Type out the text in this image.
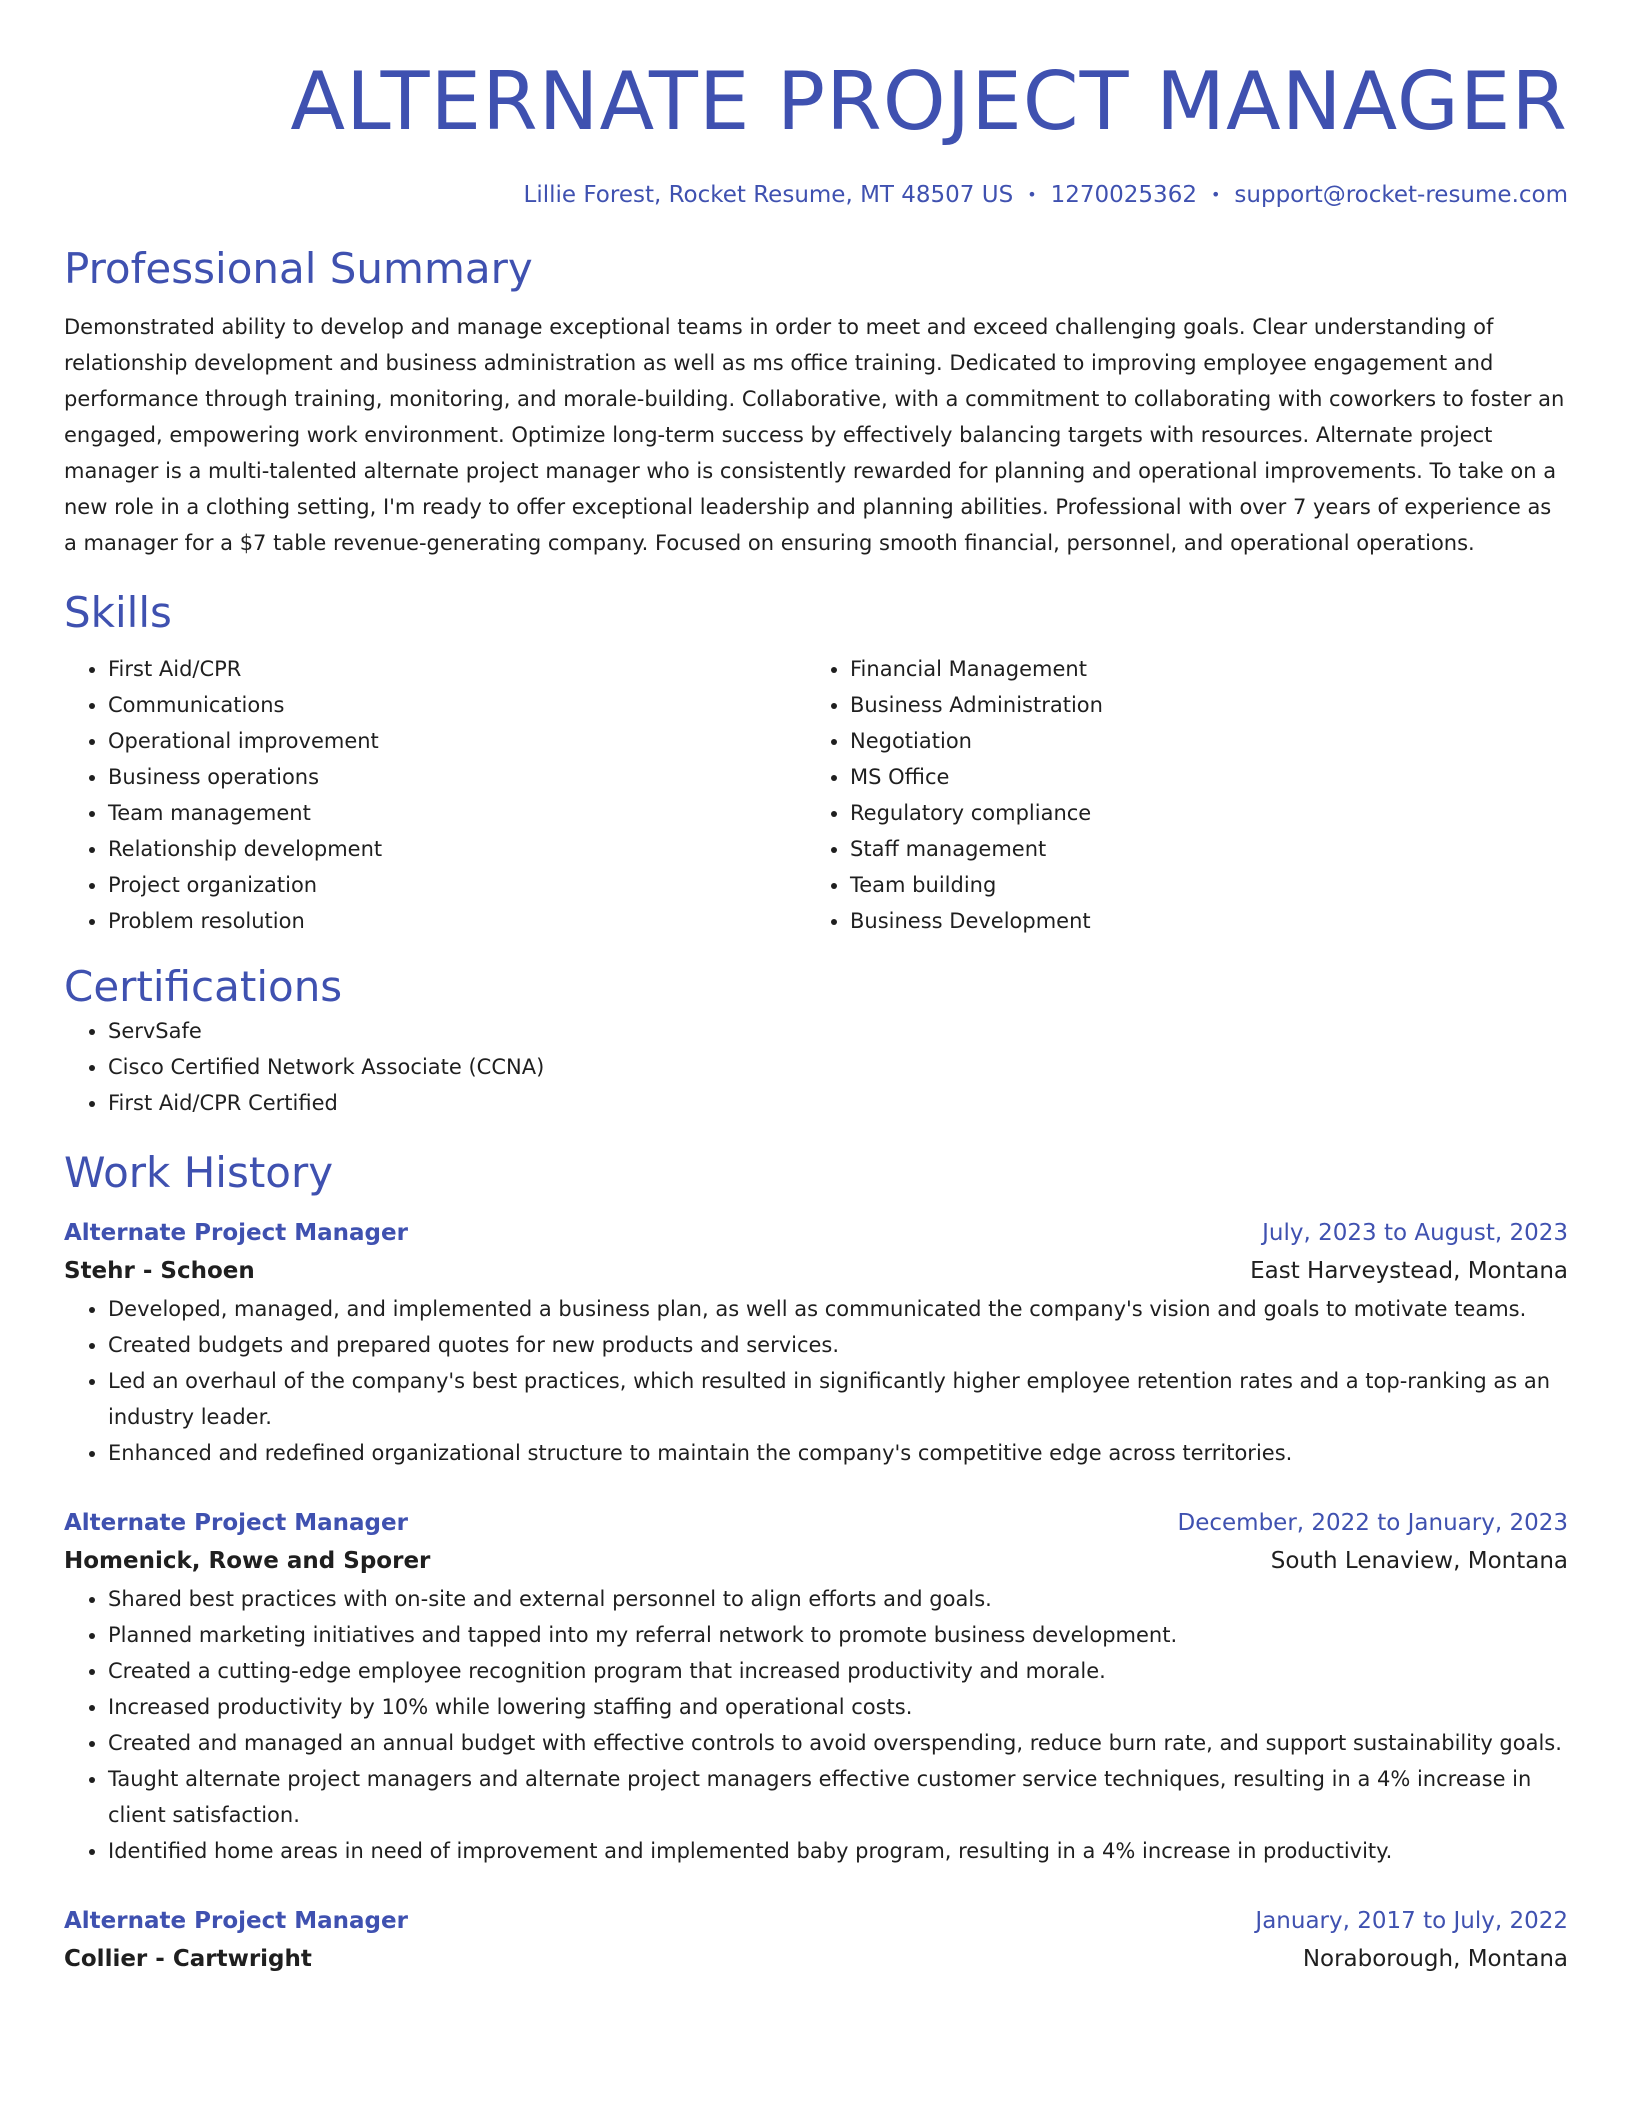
ALTERNATE PROJECT MANAGER
Lillie Forest, Rocket Resume, MT 48507 US • 1270025362 • support@rocket-resume.com
Professional Summary
Demonstrated ability to develop and manage exceptional teams in order to meet and exceed challenging goals. Clear understanding of relationship development and business administration as well as ms office training. Dedicated to improving employee engagement and performance through training, monitoring, and morale-building. Collaborative, with a commitment to collaborating with coworkers to foster an engaged, empowering work environment. Optimize long-term success by effectively balancing targets with resources. Alternate project manager is a multi-talented alternate project manager who is consistently rewarded for planning and operational improvements. To take on a new role in a clothing setting, I'm ready to offer exceptional leadership and planning abilities. Professional with over 7 years of experience as a manager for a $7 table revenue-generating company. Focused on ensuring smooth financial, personnel, and operational operations.
Skills
• First Aid/CPR
• Communications
• Operational improvement
• Business operations
• Team management
• Relationship development
• Project organization
• Problem resolution
• Financial Management
• Business Administration
• Negotiation
• MS Office
• Regulatory compliance
• Staff management
• Team building
• Business Development
Certifications
• ServSafe
• Cisco Certified Network Associate (CCNA)
• First Aid/CPR Certified
Work History
Alternate Project Manager	July, 2023 to August, 2023
Stehr - Schoen	East Harveystead, Montana
• Developed, managed, and implemented a business plan, as well as communicated the company's vision and goals to motivate teams.
• Created budgets and prepared quotes for new products and services.
• Led an overhaul of the company's best practices, which resulted in significantly higher employee retention rates and a top-ranking as an industry leader.
• Enhanced and redefined organizational structure to maintain the company's competitive edge across territories.
Alternate Project Manager	December, 2022 to January, 2023
Homenick, Rowe and Sporer	South Lenaview, Montana
• Shared best practices with on-site and external personnel to align efforts and goals.
• Planned marketing initiatives and tapped into my referral network to promote business development.
• Created a cutting-edge employee recognition program that increased productivity and morale.
• Increased productivity by 10% while lowering staffing and operational costs.
• Created and managed an annual budget with effective controls to avoid overspending, reduce burn rate, and support sustainability goals.
• Taught alternate project managers and alternate project managers effective customer service techniques, resulting in a 4% increase in client satisfaction.
• Identified home areas in need of improvement and implemented baby program, resulting in a 4% increase in productivity.
Alternate Project Manager	January, 2017 to July, 2022
Collier - Cartwright	Noraborough, Montana
